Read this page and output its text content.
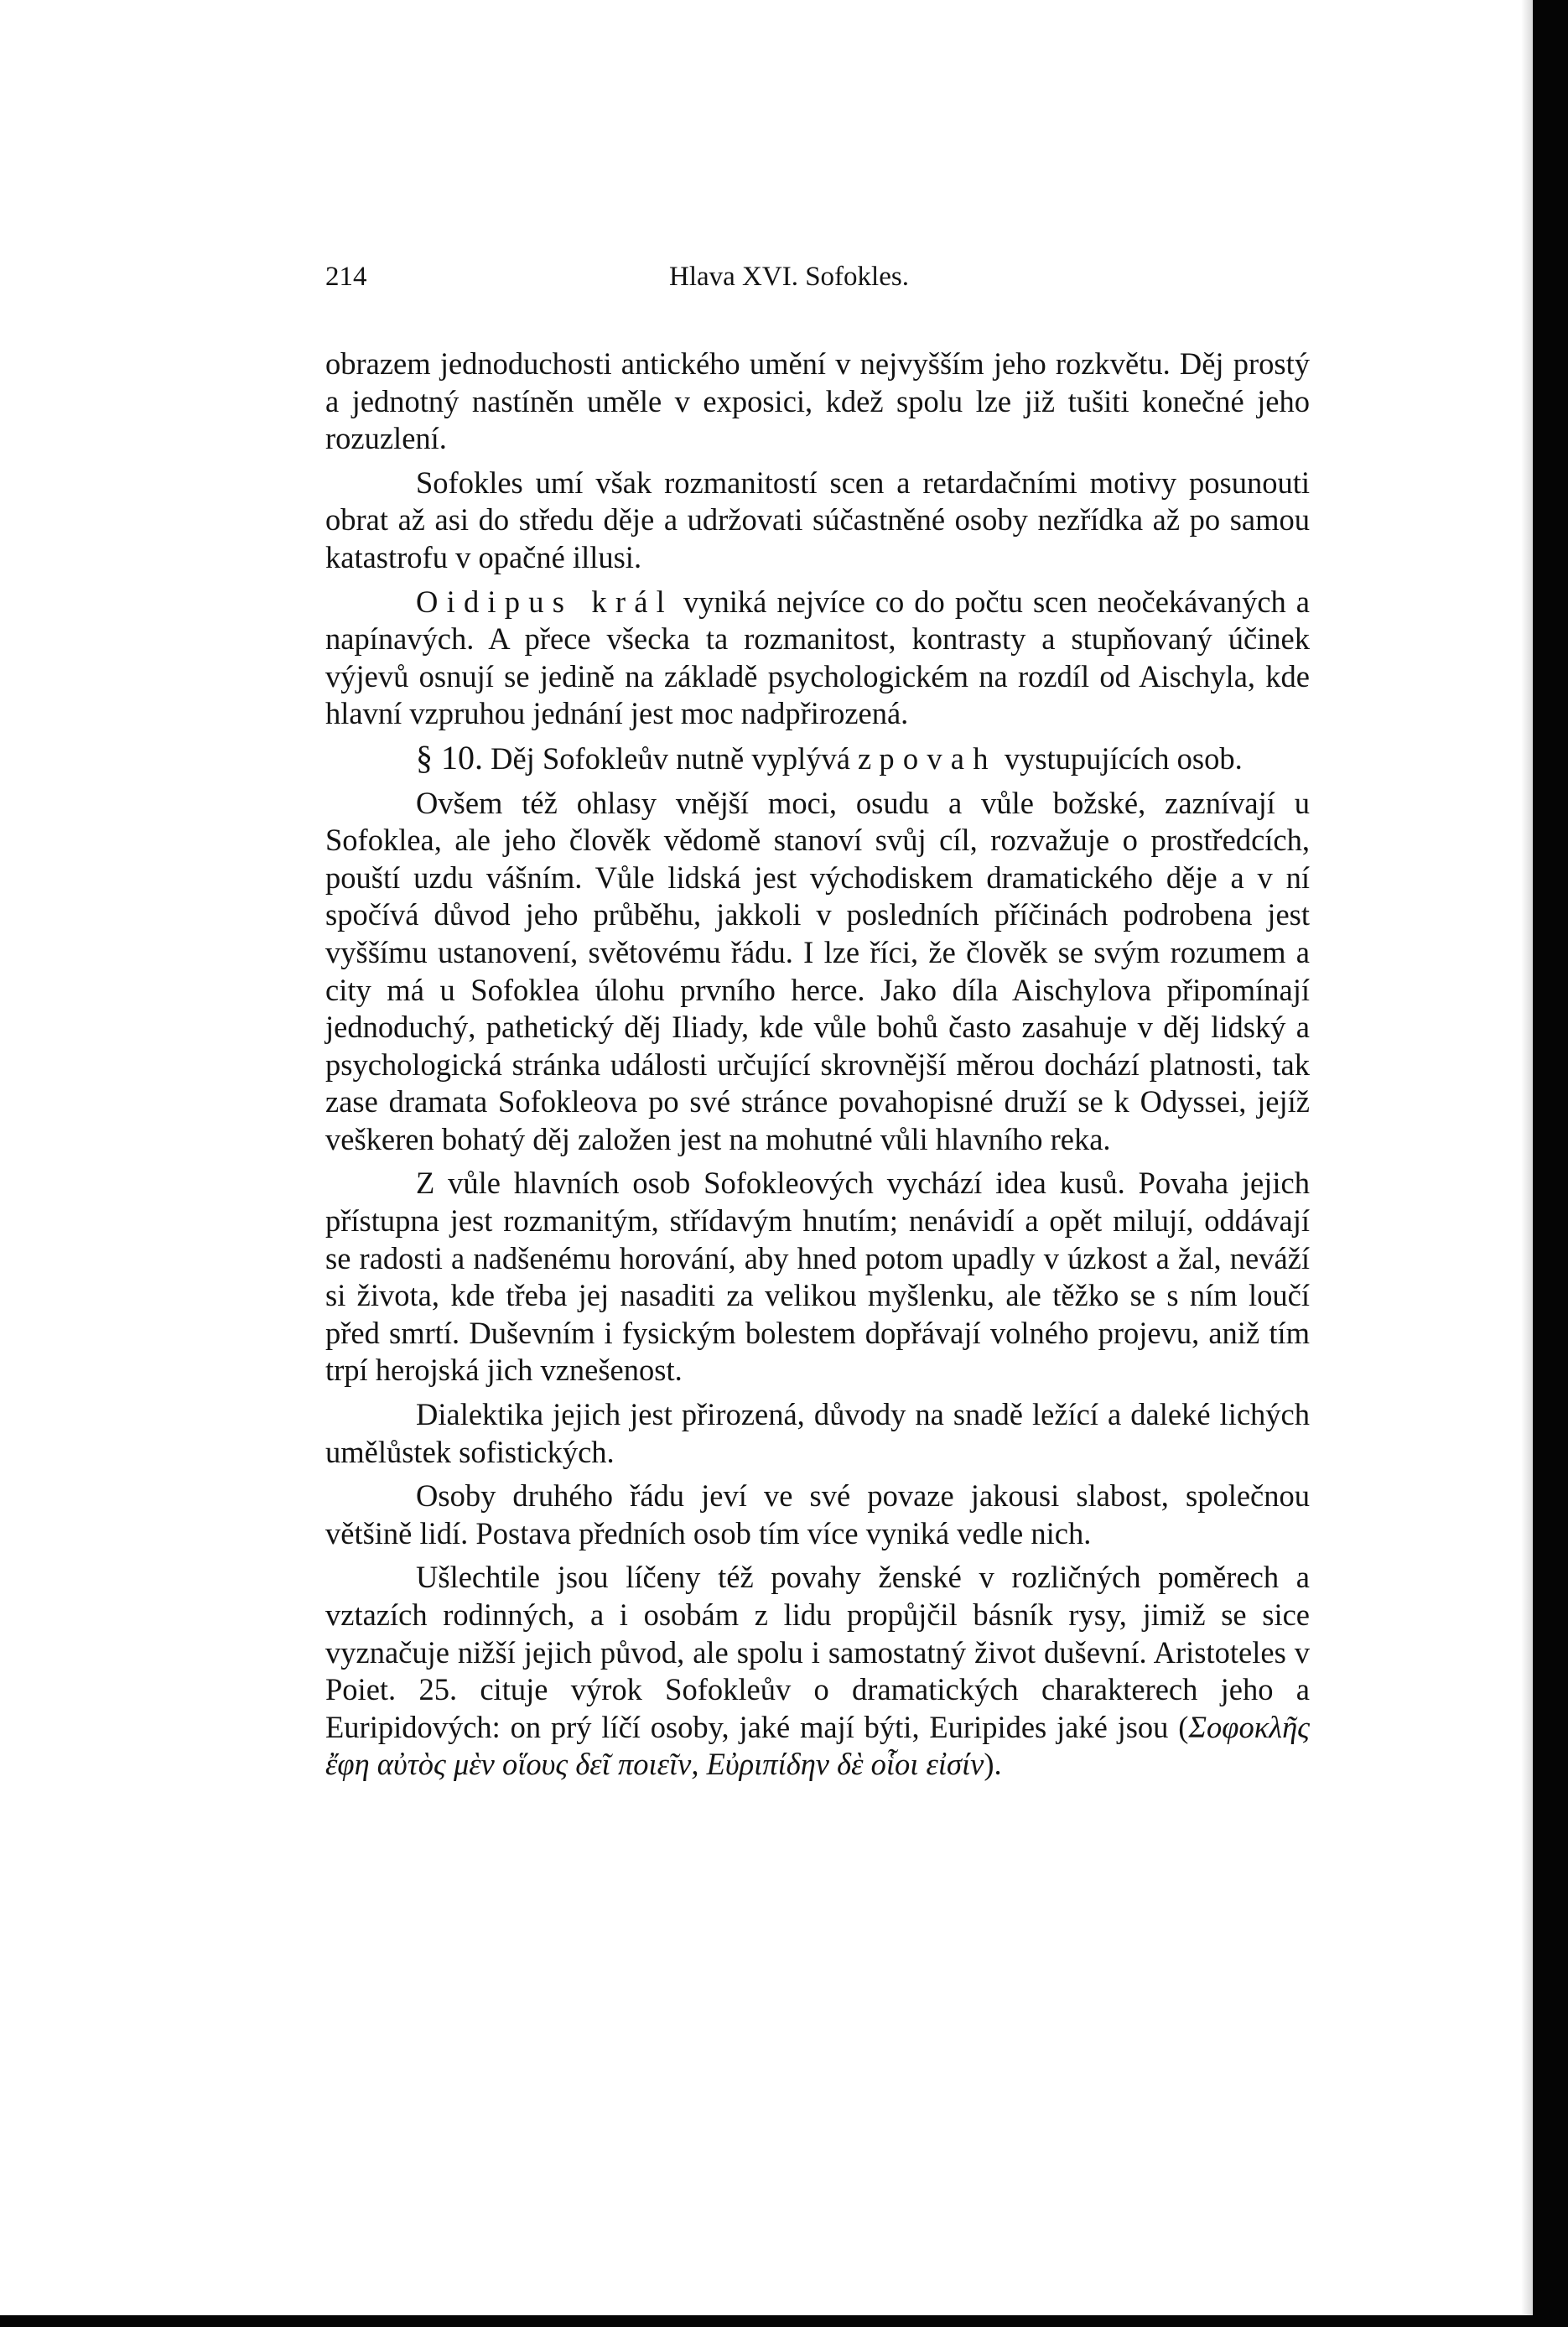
214	Hlava XVI. Sofokles.

obrazem jednoduchosti antického umění v nejvyšším jeho rozkvětu. Děj prostý a jednotný nastíněn uměle v exposici, kdež spolu lze již tušiti konečné jeho rozuzlení.

Sofokles umí však rozmanitostí scen a retardačními motivy posunouti obrat až asi do středu děje a udržovati súčastněné osoby nezřídka až po samou katastrofu v opačné illusi.

Oidipus král vyniká nejvíce co do počtu scen neočekávaných a napínavých. A přece všecka ta rozmanitost, kontrasty a stupňovaný účinek výjevů osnují se jedině na základě psychologickém na rozdíl od Aischyla, kde hlavní vzpruhou jednání jest moc nadpřirozená.

§ 10. Děj Sofokleův nutně vyplývá z povah vystupujících osob.

Ovšem též ohlasy vnější moci, osudu a vůle božské, zaznívají u Sofoklea, ale jeho člověk vědomě stanoví svůj cíl, rozvažuje o prostředcích, pouští uzdu vášním. Vůle lidská jest východiskem dramatického děje a v ní spočívá důvod jeho průběhu, jakkoli v posledních příčinách podrobena jest vyššímu ustanovení, světovému řádu. I lze říci, že člověk se svým rozumem a city má u Sofoklea úlohu prvního herce. Jako díla Aischylova připomínají jednoduchý, pathetický děj Iliady, kde vůle bohů často zasahuje v děj lidský a psychologická stránka události určující skrovnější měrou dochází platnosti, tak zase dramata Sofokleova po své stránce povahopisné druží se k Odyssei, jejíž veškeren bohatý děj založen jest na mohutné vůli hlavního reka.

Z vůle hlavních osob Sofokleových vychází idea kusů. Povaha jejich přístupna jest rozmanitým, střídavým hnutím; nenávidí a opět milují, oddávají se radosti a nadšenému horování, aby hned potom upadly v úzkost a žal, neváží si života, kde třeba jej nasaditi za velikou myšlenku, ale těžko se s ním loučí před smrtí. Duševním i fysickým bolestem dopřávají volného projevu, aniž tím trpí herojská jich vznešenost.

Dialektika jejich jest přirozená, důvody na snadě ležící a daleké lichých umělůstek sofistických.

Osoby druhého řádu jeví ve své povaze jakousi slabost, společnou většině lidí. Postava předních osob tím více vyniká vedle nich.

Ušlechtile jsou líčeny též povahy ženské v rozličných poměrech a vztazích rodinných, a i osobám z lidu propůjčil básník rysy, jimiž se sice vyznačuje nižší jejich původ, ale spolu i samostatný život duševní. Aristoteles v Poiet. 25. cituje výrok Sofokleův o dramatických charakterech jeho a Euripidových: on prý líčí osoby, jaké mají býti, Euripides jaké jsou (Σοφοκλῆς ἔφη αὐτὸς μὲν οἵους δεῖ ποιεῖν, Εὐριπίδην δὲ οἷοι εἰσίν).
